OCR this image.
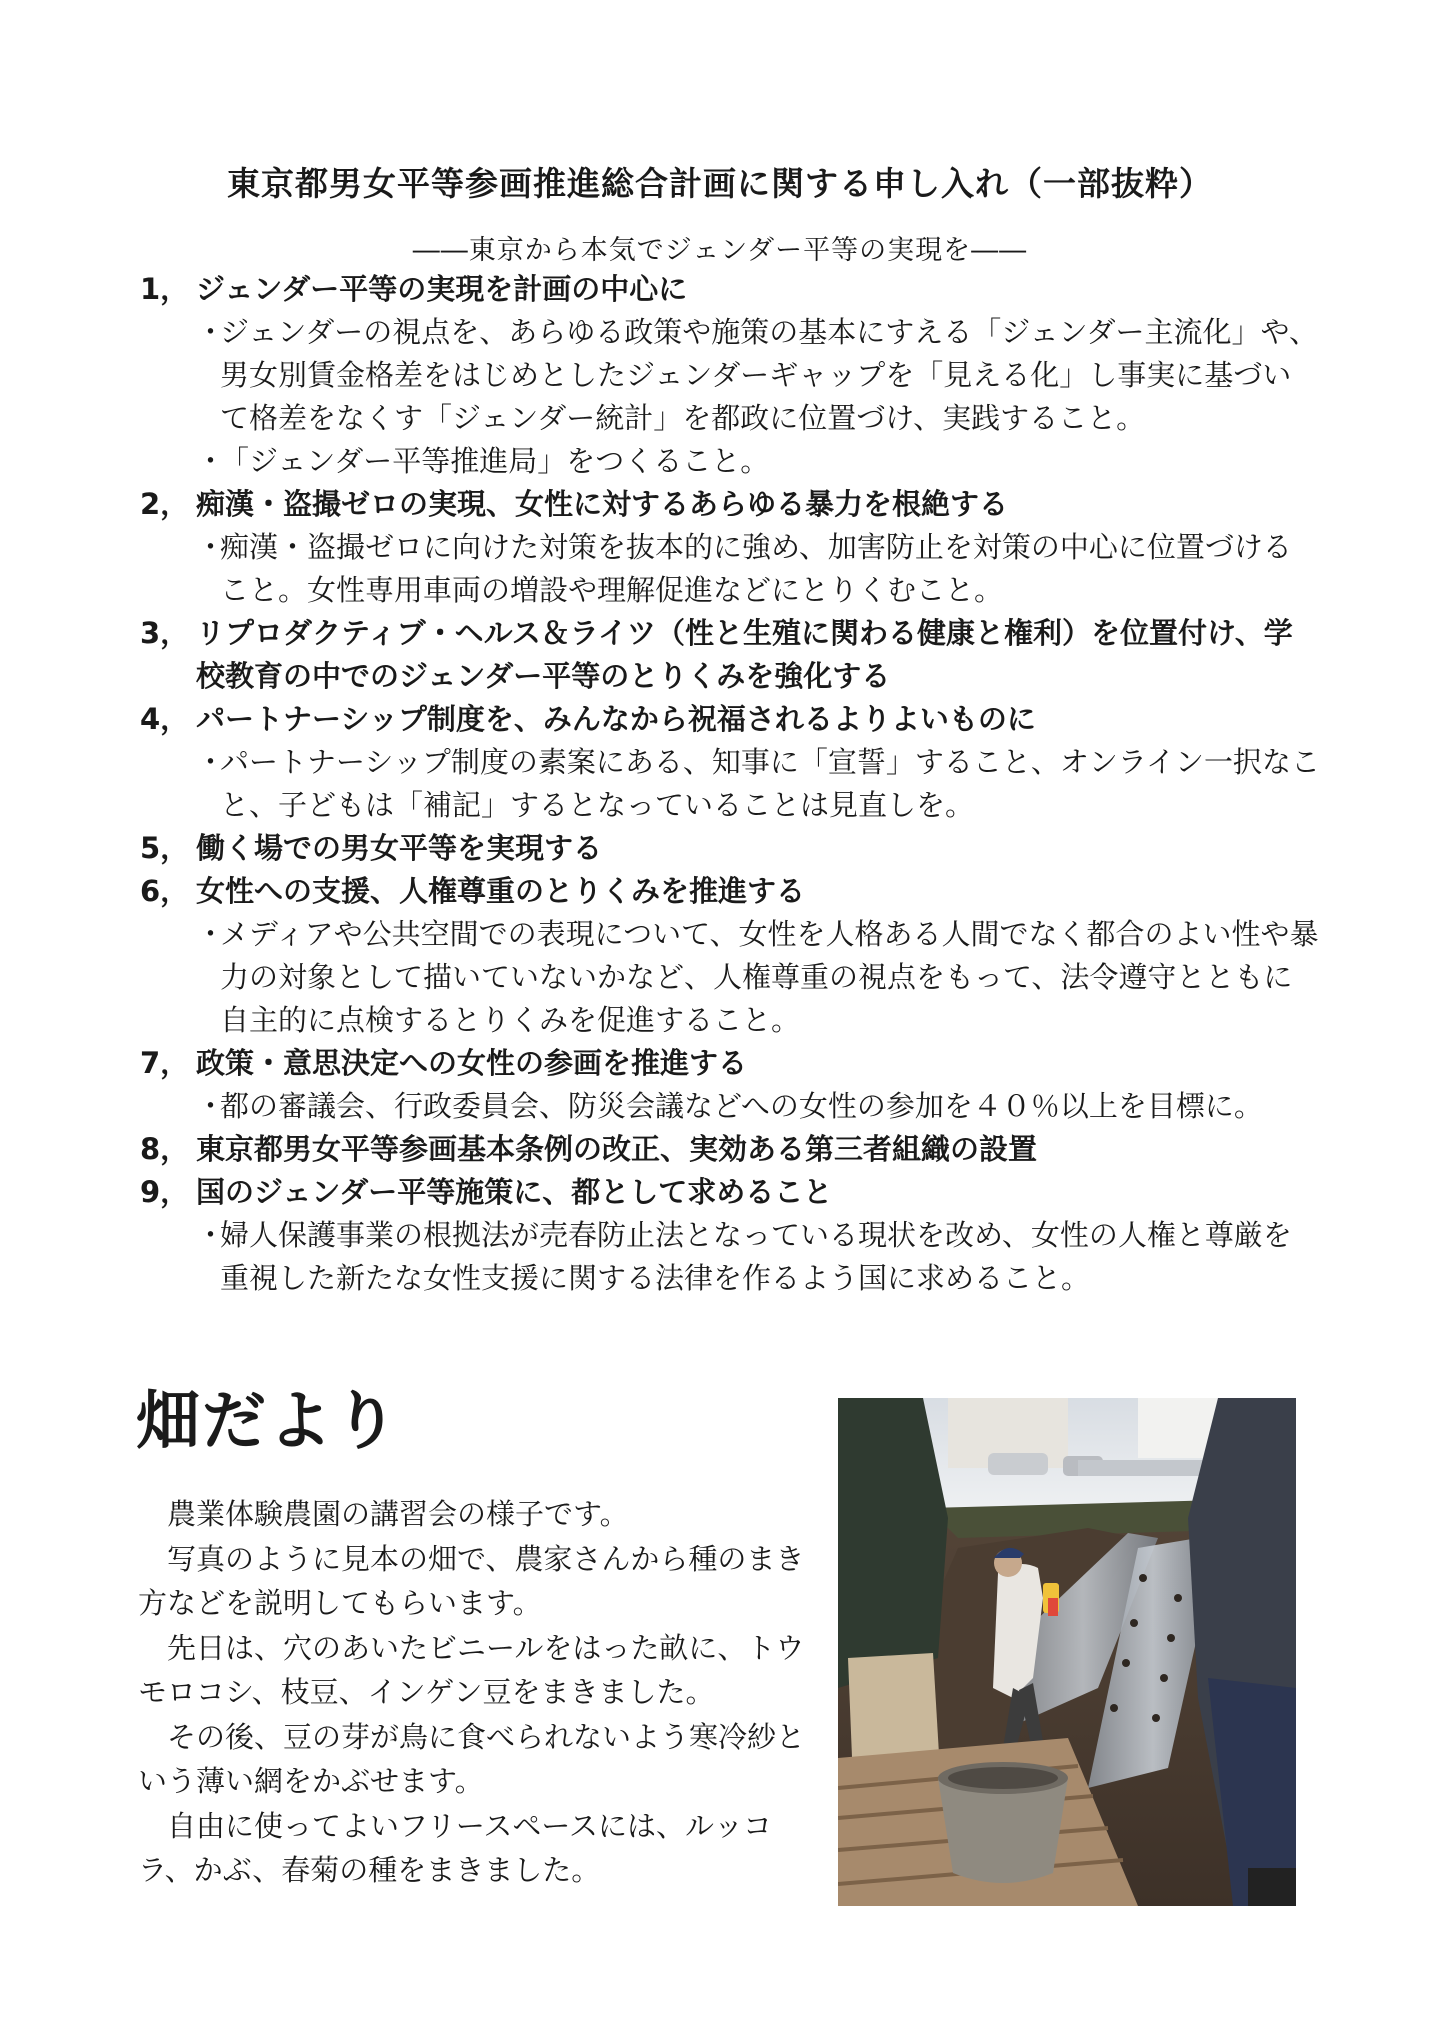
東京都男女平等参画推進総合計画に関する申し入れ（一部抜粋）
――東京から本気でジェンダー平等の実現を――
1， ジェンダー平等の実現を計画の中心に
・
ジェンダーの視点を、あらゆる政策や施策の基本にすえる「ジェンダー主流化」や、男女別賃金格差をはじめとしたジェンダーギャップを「見える化」し事実に基づいて格差をなくす「ジェンダー統計」を都政に位置づけ、実践すること。
・
「ジェンダー平等推進局」をつくること。
2， 痴漢・盗撮ゼロの実現、女性に対するあらゆる暴力を根絶する
・
痴漢・盗撮ゼロに向けた対策を抜本的に強め、加害防止を対策の中心に位置づけること。女性専用車両の増設や理解促進などにとりくむこと。
3， リプロダクティブ・ヘルス＆ライツ（性と生殖に関わる健康と権利）を位置付け、学校教育の中でのジェンダー平等のとりくみを強化する
4， パートナーシップ制度を、みんなから祝福されるよりよいものに
・
パートナーシップ制度の素案にある、知事に「宣誓」すること、オンライン一択なこと、子どもは「補記」するとなっていることは見直しを。
5， 働く場での男女平等を実現する
6， 女性への支援、人権尊重のとりくみを推進する
・
メディアや公共空間での表現について、女性を人格ある人間でなく都合のよい性や暴力の対象として描いていないかなど、人権尊重の視点をもって、法令遵守とともに自主的に点検するとりくみを促進すること。
7， 政策・意思決定への女性の参画を推進する
・
都の審議会、行政委員会、防災会議などへの女性の参加を４０％以上を目標に。
8， 東京都男女平等参画基本条例の改正、実効ある第三者組織の設置
9， 国のジェンダー平等施策に、都として求めること
・
婦人保護事業の根拠法が売春防止法となっている現状を改め、女性の人権と尊厳を重視した新たな女性支援に関する法律を作るよう国に求めること。
畑だより

農業体験農園の講習会の様子です。

写真のように見本の畑で、農家さんから種のまき方などを説明してもらいます。

先日は、穴のあいたビニールをはった畝に、トウモロコシ、枝豆、インゲン豆をまきました。

その後、豆の芽が鳥に食べられないよう寒冷紗という薄い網をかぶせます。

自由に使ってよいフリースペースには、ルッコラ、かぶ、春菊の種をまきました。
